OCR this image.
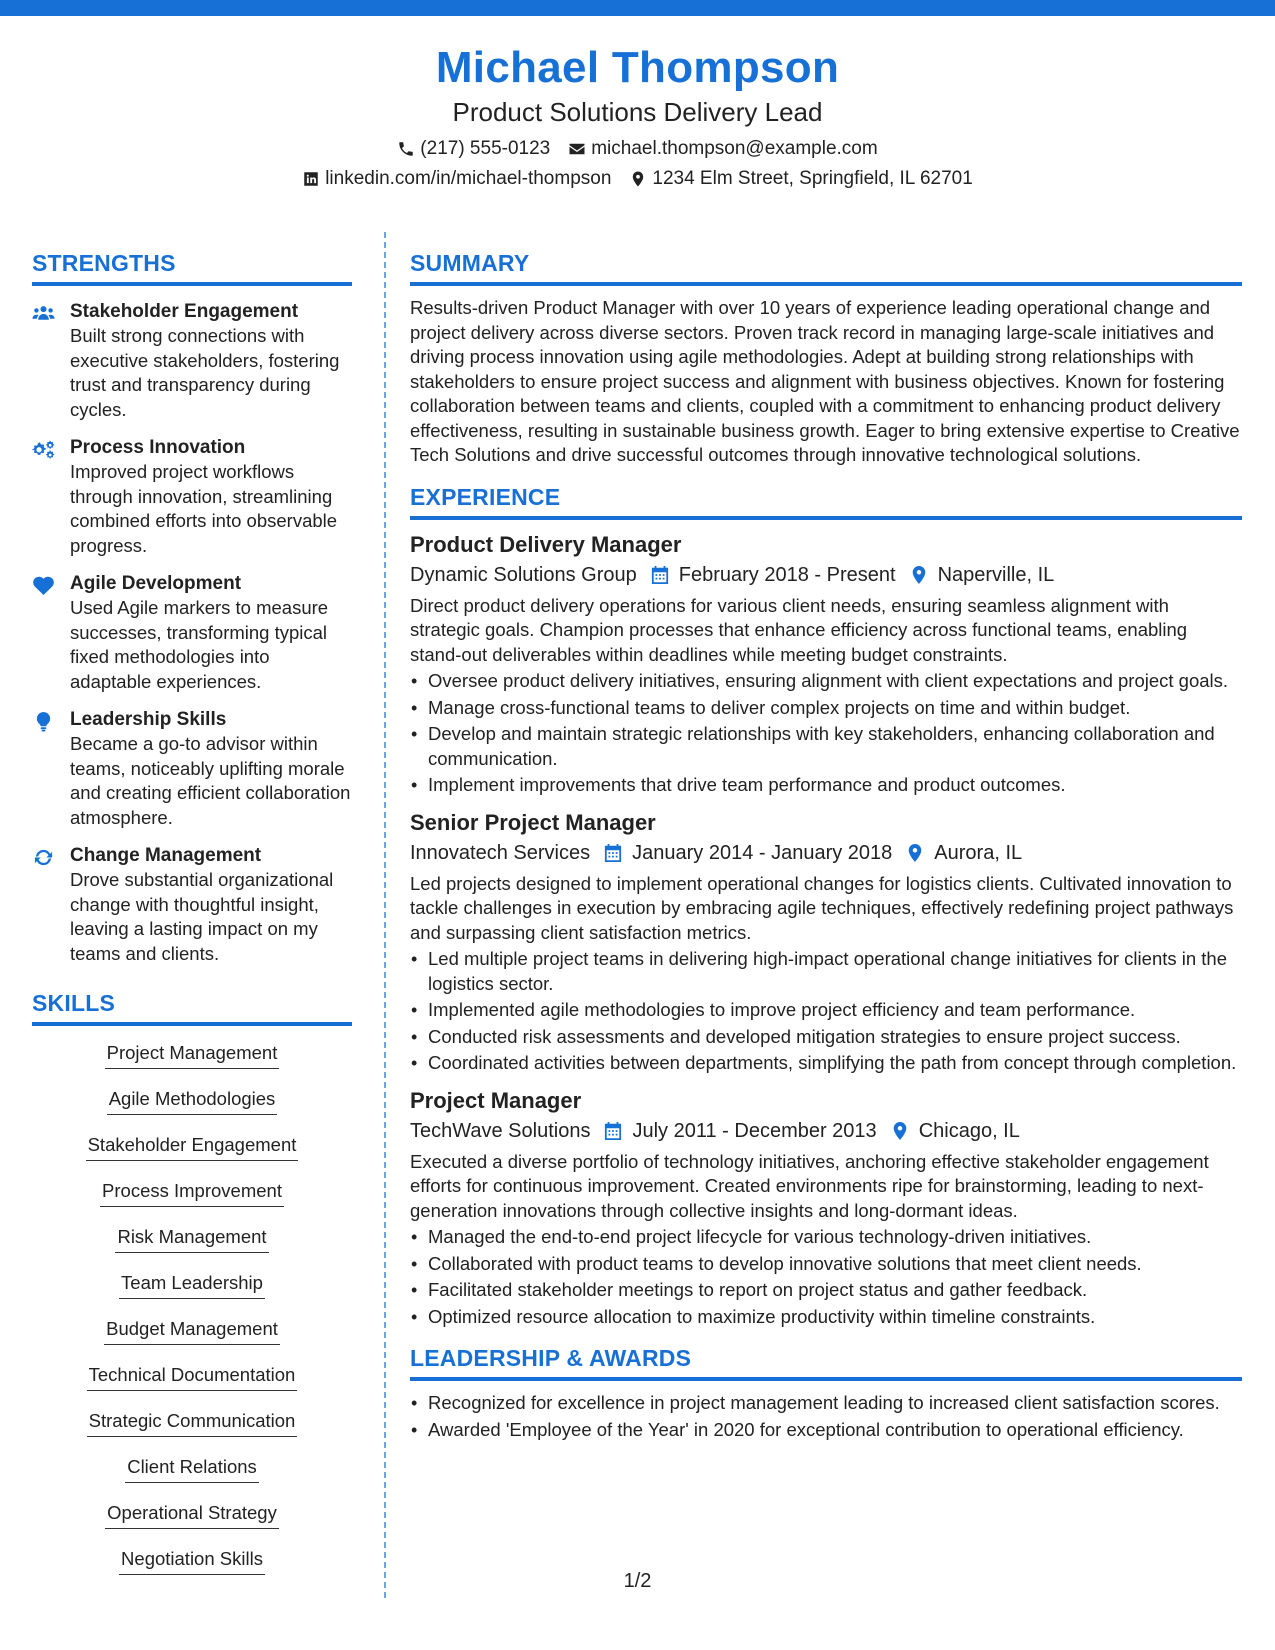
Michael Thompson
Product Solutions Delivery Lead
(217) 555-0123 michael.thompson@example.com
linkedin.com/in/michael-thompson 1234 Elm Street, Springfield, IL 62701
STRENGTHS
Stakeholder Engagement
Built strong connections with executive stakeholders, fostering trust and transparency during cycles.
Process Innovation
Improved project workflows through innovation, streamlining combined efforts into observable progress.
Agile Development
Used Agile markers to measure successes, transforming typical fixed methodologies into adaptable experiences.
Leadership Skills
Became a go-to advisor within teams, noticeably uplifting morale and creating efficient collaboration atmosphere.
Change Management
Drove substantial organizational change with thoughtful insight, leaving a lasting impact on my teams and clients.
SKILLS
Project Management
Agile Methodologies
Stakeholder Engagement
Process Improvement
Risk Management
Team Leadership
Budget Management
Technical Documentation
Strategic Communication
Client Relations
Operational Strategy
Negotiation Skills
SUMMARY
Results-driven Product Manager with over 10 years of experience leading operational change and project delivery across diverse sectors. Proven track record in managing large-scale initiatives and driving process innovation using agile methodologies. Adept at building strong relationships with stakeholders to ensure project success and alignment with business objectives. Known for fostering collaboration between teams and clients, coupled with a commitment to enhancing product delivery effectiveness, resulting in sustainable business growth. Eager to bring extensive expertise to Creative Tech Solutions and drive successful outcomes through innovative technological solutions.
EXPERIENCE
Product Delivery Manager
Dynamic Solutions Group February 2018 - Present Naperville, IL
Direct product delivery operations for various client needs, ensuring seamless alignment with strategic goals. Champion processes that enhance efficiency across functional teams, enabling stand-out deliverables within deadlines while meeting budget constraints.
• Oversee product delivery initiatives, ensuring alignment with client expectations and project goals.
• Manage cross-functional teams to deliver complex projects on time and within budget.
• Develop and maintain strategic relationships with key stakeholders, enhancing collaboration and communication.
• Implement improvements that drive team performance and product outcomes.
Senior Project Manager
Innovatech Services January 2014 - January 2018 Aurora, IL
Led projects designed to implement operational changes for logistics clients. Cultivated innovation to tackle challenges in execution by embracing agile techniques, effectively redefining project pathways and surpassing client satisfaction metrics.
• Led multiple project teams in delivering high-impact operational change initiatives for clients in the logistics sector.
• Implemented agile methodologies to improve project efficiency and team performance.
• Conducted risk assessments and developed mitigation strategies to ensure project success.
• Coordinated activities between departments, simplifying the path from concept through completion.
Project Manager
TechWave Solutions July 2011 - December 2013 Chicago, IL
Executed a diverse portfolio of technology initiatives, anchoring effective stakeholder engagement efforts for continuous improvement. Created environments ripe for brainstorming, leading to next-generation innovations through collective insights and long-dormant ideas.
• Managed the end-to-end project lifecycle for various technology-driven initiatives.
• Collaborated with product teams to develop innovative solutions that meet client needs.
• Facilitated stakeholder meetings to report on project status and gather feedback.
• Optimized resource allocation to maximize productivity within timeline constraints.
LEADERSHIP & AWARDS
• Recognized for excellence in project management leading to increased client satisfaction scores.
• Awarded 'Employee of the Year' in 2020 for exceptional contribution to operational efficiency.
1/2
